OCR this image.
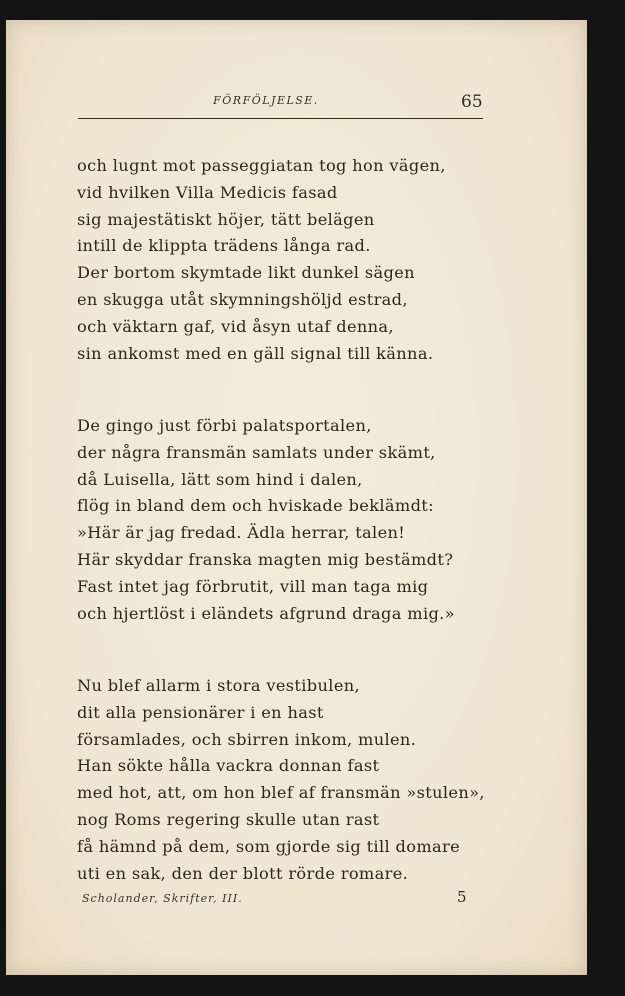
FÖRFÖLJELSE.	65
och lugnt mot passeggiatan tog hon vägen,
vid hvilken Villa Medicis fasad
sig majestätiskt höjer, tätt belägen
intill de klippta trädens långa rad.
Der bortom skymtade likt dunkel sägen
en skugga utåt skymningshöljd estrad,
och väktarn gaf, vid åsyn utaf denna,
sin ankomst med en gäll signal till känna.
De gingo just förbi palatsportalen,
der några fransmän samlats under skämt,
då Luisella, lätt som hind i dalen,
flög in bland dem och hviskade beklämdt:
»Här är jag fredad. Ädla herrar, talen!
Här skyddar franska magten mig bestämdt?
Fast intet jag förbrutit, vill man taga mig
och hjertlöst i eländets afgrund draga mig.»
Nu blef allarm i stora vestibulen,
dit alla pensionärer i en hast
församlades, och sbirren inkom, mulen.
Han sökte hålla vackra donnan fast
med hot, att, om hon blef af fransmän »stulen»,
nog Roms regering skulle utan rast
få hämnd på dem, som gjorde sig till domare
uti en sak, den der blott rörde romare.
Scholander, Skrifter, III.	5
